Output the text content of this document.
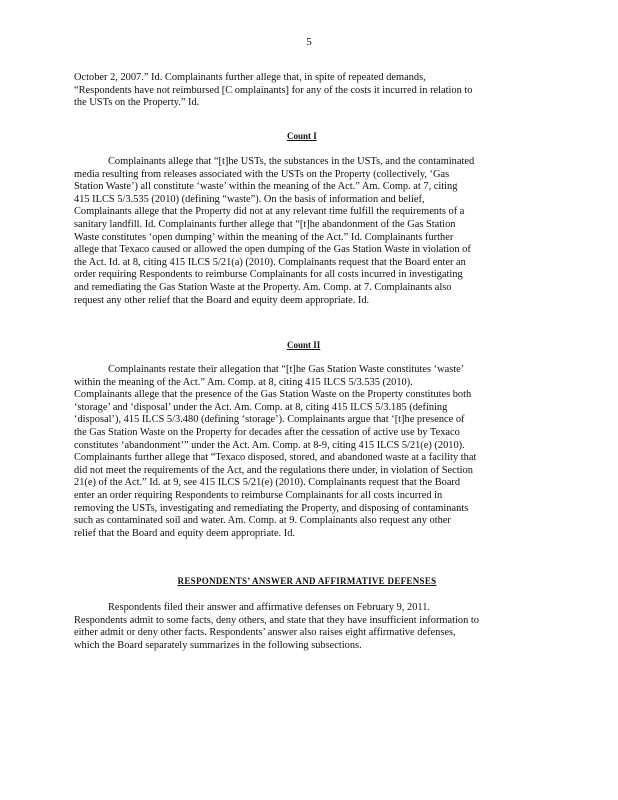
5
October 2, 2007.” Id. Complainants further allege that, in spite of repeated demands,
“Respondents have not reimbursed [C omplainants] for any of the costs it incurred in relation to
the USTs on the Property.” Id.
Count I
Complainants allege that “[t]he USTs, the substances in the USTs, and the contaminated
media resulting from releases associated with the USTs on the Property (collectively, ‘Gas
Station Waste’) all constitute ‘waste’ within the meaning of the Act.” Am. Comp. at 7, citing
415 ILCS 5/3.535 (2010) (defining “waste”). On the basis of information and belief,
Complainants allege that the Property did not at any relevant time fulfill the requirements of a
sanitary landfill. Id. Complainants further allege that “[t]he abandonment of the Gas Station
Waste constitutes ‘open dumping’ within the meaning of the Act.” Id. Complainants further
allege that Texaco caused or allowed the open dumping of the Gas Station Waste in violation of
the Act. Id. at 8, citing 415 ILCS 5/21(a) (2010). Complainants request that the Board enter an
order requiring Respondents to reimburse Complainants for all costs incurred in investigating
and remediating the Gas Station Waste at the Property. Am. Comp. at 7. Complainants also
request any other relief that the Board and equity deem appropriate. Id.
Count II
Complainants restate their allegation that “[t]he Gas Station Waste constitutes ‘waste’
within the meaning of the Act.” Am. Comp. at 8, citing 415 ILCS 5/3.535 (2010).
Complainants allege that the presence of the Gas Station Waste on the Property constitutes both
‘storage’ and ‘disposal’ under the Act. Am. Comp. at 8, citing 415 ILCS 5/3.185 (defining
‘disposal’), 415 ILCS 5/3.480 (defining ‘storage’). Complainants argue that ‘[t]he presence of
the Gas Station Waste on the Property for decades after the cessation of active use by Texaco
constitutes ‘abandonment’” under the Act. Am. Comp. at 8-9, citing 415 ILCS 5/21(e) (2010).
Complainants further allege that “Texaco disposed, stored, and abandoned waste at a facility that
did not meet the requirements of the Act, and the regulations there under, in violation of Section
21(e) of the Act.” Id. at 9, see 415 ILCS 5/21(e) (2010). Complainants request that the Board
enter an order requiring Respondents to reimburse Complainants for all costs incurred in
removing the USTs, investigating and remediating the Property, and disposing of contaminants
such as contaminated soil and water. Am. Comp. at 9. Complainants also request any other
relief that the Board and equity deem appropriate. Id.
RESPONDENTS’ ANSWER AND AFFIRMATIVE DEFENSES
Respondents filed their answer and affirmative defenses on February 9, 2011.
Respondents admit to some facts, deny others, and state that they have insufficient information to
either admit or deny other facts. Respondents’ answer also raises eight affirmative defenses,
which the Board separately summarizes in the following subsections.
